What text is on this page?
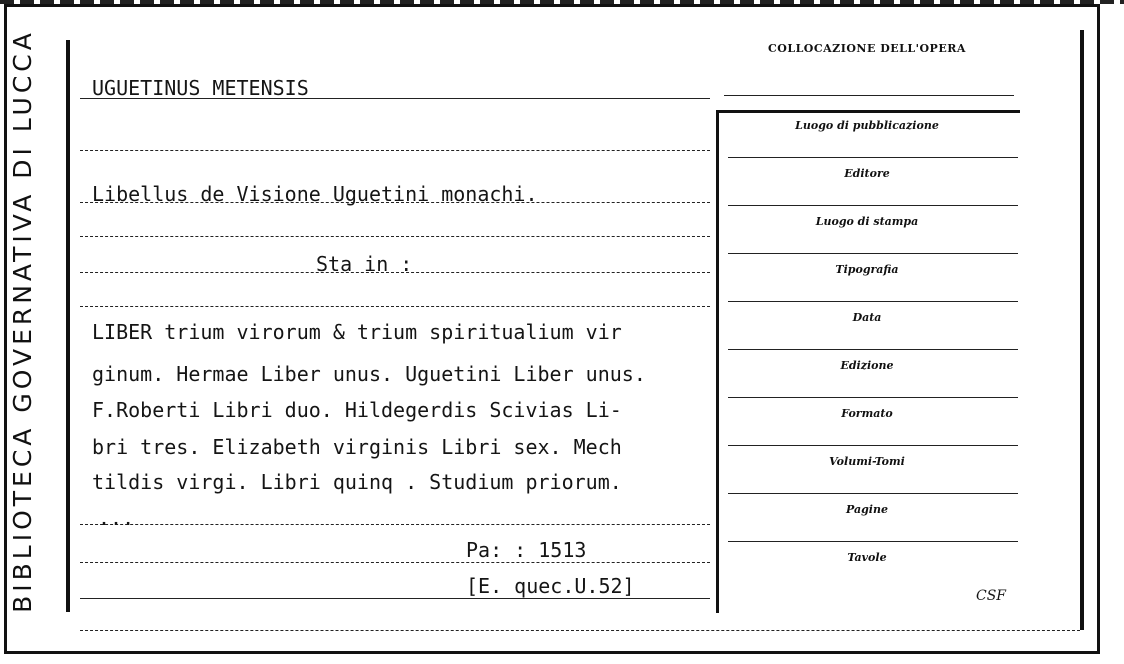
BIBLIOTECA GOVERNATIVA DI LUCCA	COLLOCAZIONE DELL'OPERA
UGUETINUS METENSIS
Libellus de Visione Uguetini monachi.
Sta in :
LIBER trium virorum & trium spiritualium vir
ginum. Hermae Liber unus. Uguetini Liber unus.
F.Roberti Libri duo. Hildegerdis Scivias Li-
bri tres. Elizabeth virginis Libri sex. Mech
tildis virgi. Libri quinq . Studium priorum.
...
Pa: : 1513
[E. quec.U.52]	CSF
Luogo di pubblicazione
Editore
Luogo di stampa
Tipografia
Data
Edizione
Formato
Volumi-Tomi
Pagine
Tavole
